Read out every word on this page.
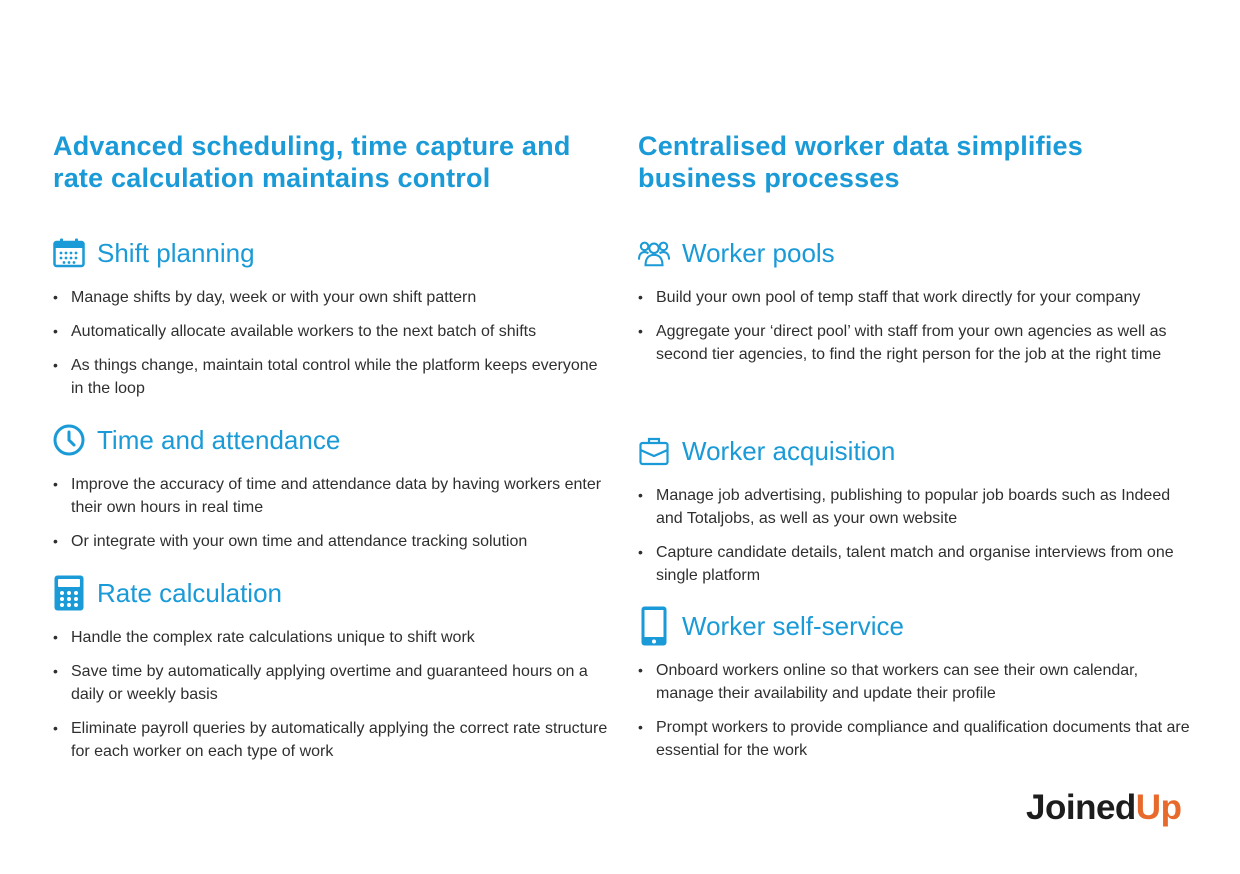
Advanced scheduling, time capture and rate calculation maintains control
Shift planning
• Manage shifts by day, week or with your own shift pattern
• Automatically allocate available workers to the next batch of shifts
• As things change, maintain total control while the platform keeps everyone in the loop
Time and attendance
• Improve the accuracy of time and attendance data by having workers enter their own hours in real time
• Or integrate with your own time and attendance tracking solution
Rate calculation
• Handle the complex rate calculations unique to shift work
• Save time by automatically applying overtime and guaranteed hours on a daily or weekly basis
• Eliminate payroll queries by automatically applying the correct rate structure for each worker on each type of work
Centralised worker data simplifies business processes
Worker pools
• Build your own pool of temp staff that work directly for your company
• Aggregate your ‘direct pool’ with staff from your own agencies as well as second tier agencies, to find the right person for the job at the right time
Worker acquisition
• Manage job advertising, publishing to popular job boards such as Indeed and Totaljobs, as well as your own website
• Capture candidate details, talent match and organise interviews from one single platform
Worker self-service
• Onboard workers online so that workers can see their own calendar, manage their availability and update their profile
• Prompt workers to provide compliance and qualification documents that are essential for the work
JoinedUp
